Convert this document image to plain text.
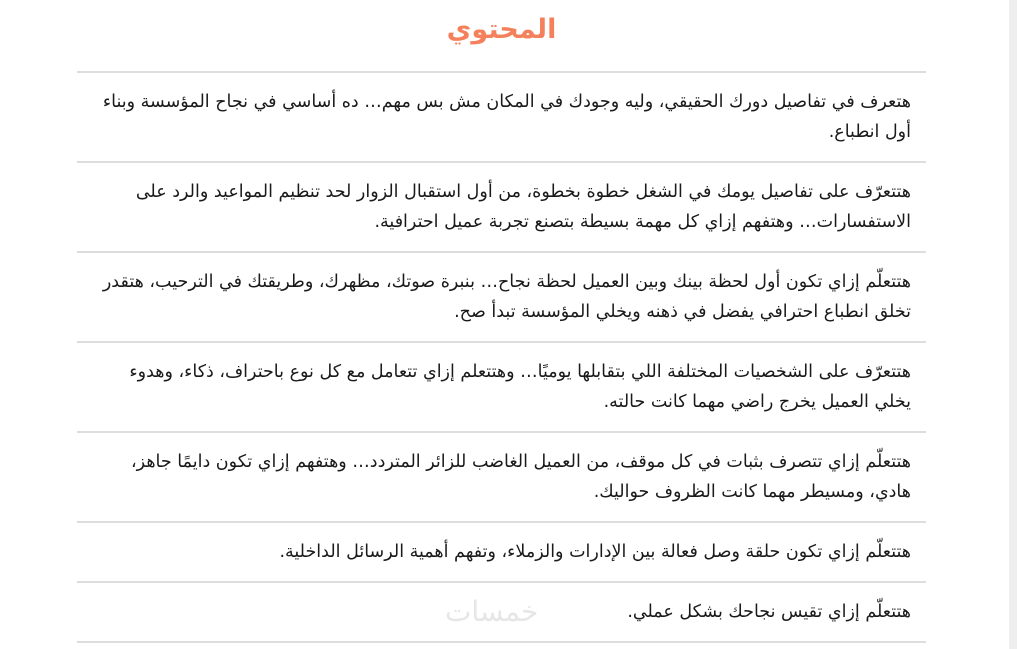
المحتوي
هتعرف في تفاصيل دورك الحقيقي، وليه وجودك في المكان مش بس مهم… ده أساسي في نجاح المؤسسة وبناء أول انطباع.
هتتعرّف على تفاصيل يومك في الشغل خطوة بخطوة، من أول استقبال الزوار لحد تنظيم المواعيد والرد على الاستفسارات… وهتفهم إزاي كل مهمة بسيطة بتصنع تجربة عميل احترافية.
هتتعلّم إزاي تكون أول لحظة بينك وبين العميل لحظة نجاح… بنبرة صوتك، مظهرك، وطريقتك في الترحيب، هتقدر تخلق انطباع احترافي يفضل في ذهنه ويخلي المؤسسة تبدأ صح.
هتتعرّف على الشخصيات المختلفة اللي بتقابلها يوميًا… وهتتعلم إزاي تتعامل مع كل نوع باحتراف، ذكاء، وهدوء يخلي العميل يخرج راضي مهما كانت حالته.
هتتعلّم إزاي تتصرف بثبات في كل موقف، من العميل الغاضب للزائر المتردد… وهتفهم إزاي تكون دايمًا جاهز، هادي، ومسيطر مهما كانت الظروف حواليك.
هتتعلّم إزاي تكون حلقة وصل فعالة بين الإدارات والزملاء، وتفهم أهمية الرسائل الداخلية.
هتتعلّم إزاي تقيس نجاحك بشكل عملي.
خمسات
